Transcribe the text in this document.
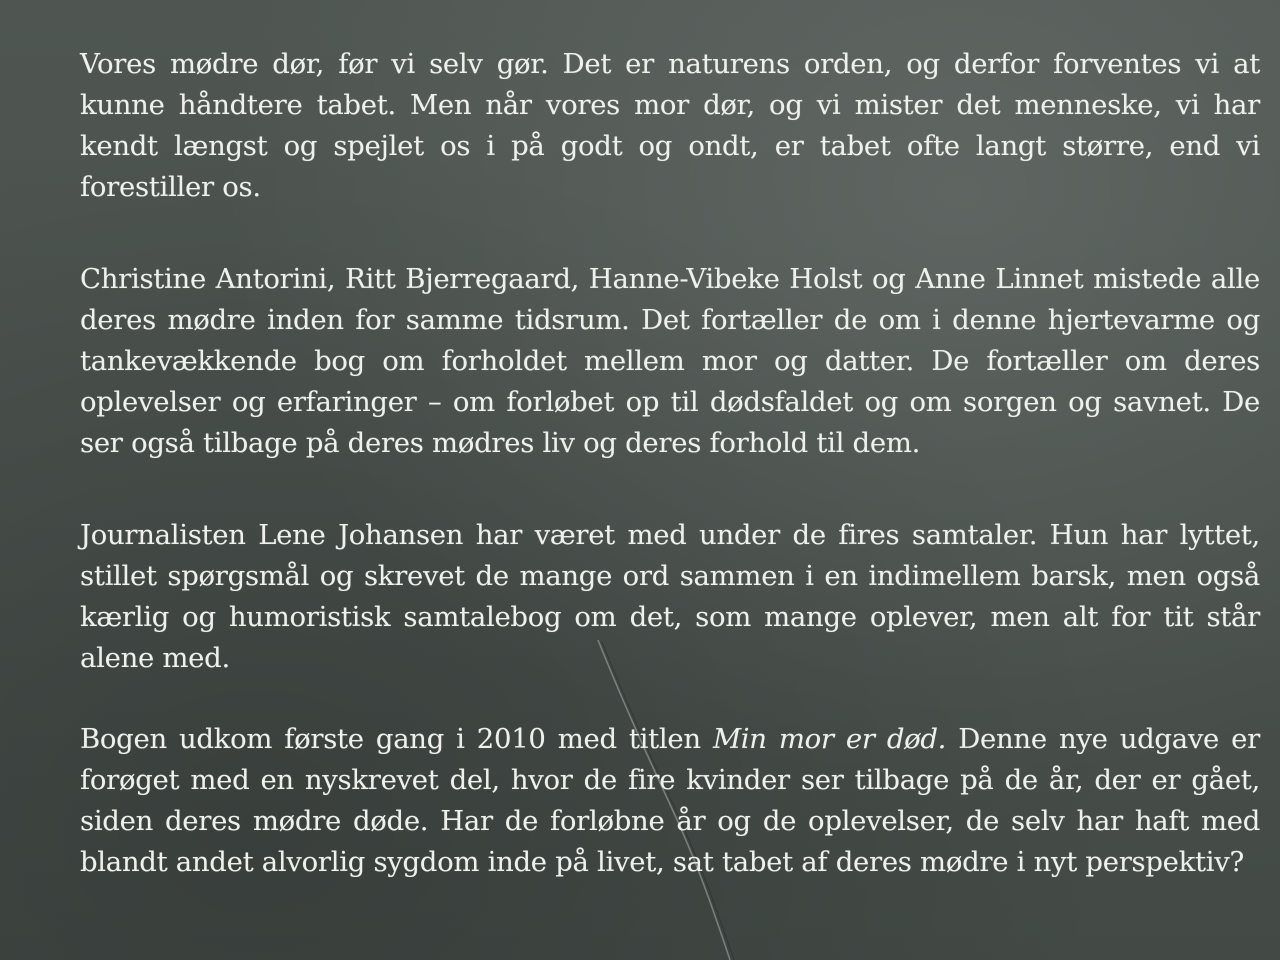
Vores mødre dør, før vi selv gør. Det er naturens orden, og derfor forventes vi at kunne håndtere tabet. Men når vores mor dør, og vi mister det menneske, vi har kendt længst og spejlet os i på godt og ondt, er tabet ofte langt større, end vi forestiller os.

Christine Antorini, Ritt Bjerregaard, Hanne-Vibeke Holst og Anne Linnet mistede alle deres mødre inden for samme tidsrum. Det fortæller de om i denne hjertevarme og tankevækkende bog om forholdet mellem mor og datter. De fortæller om deres oplevelser og erfaringer – om forløbet op til dødsfaldet og om sorgen og savnet. De ser også tilbage på deres mødres liv og deres forhold til dem.

Journalisten Lene Johansen har været med under de fires samtaler. Hun har lyttet, stillet spørgsmål og skrevet de mange ord sammen i en indimellem barsk, men også kærlig og humoristisk samtalebog om det, som mange oplever, men alt for tit står alene med.

Bogen udkom første gang i 2010 med titlen Min mor er død. Denne nye udgave er forøget med en nyskrevet del, hvor de fire kvinder ser tilbage på de år, der er gået, siden deres mødre døde. Har de forløbne år og de oplevelser, de selv har haft med blandt andet alvorlig sygdom inde på livet, sat tabet af deres mødre i nyt perspektiv?
